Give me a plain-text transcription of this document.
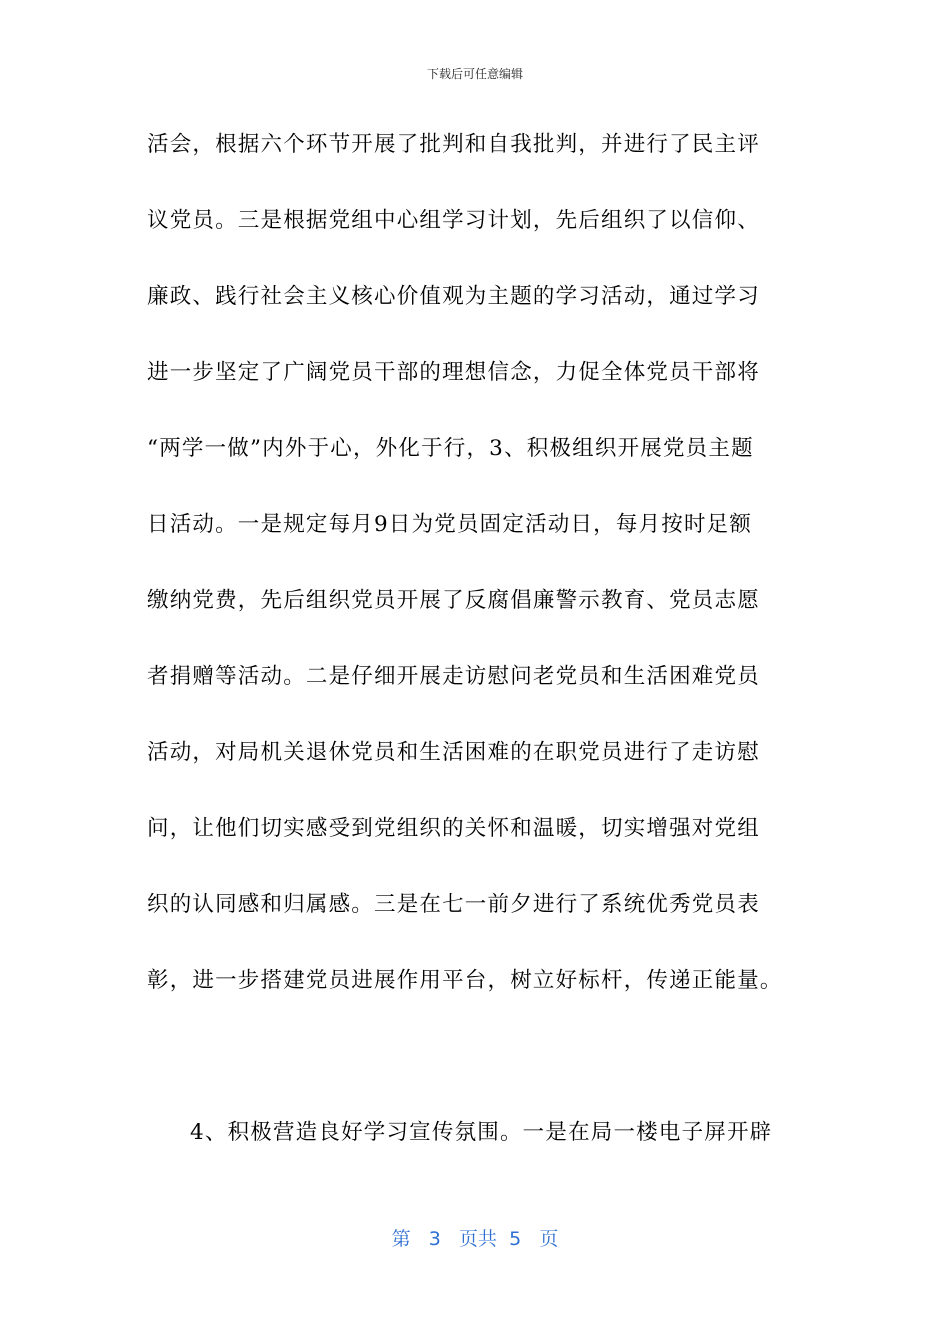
下载后可任意编辑
活会，根据六个环节开展了批判和自我批判，并进行了民主评
议党员。三是根据党组中心组学习计划，先后组织了以信仰、
廉政、践行社会主义核心价值观为主题的学习活动，通过学习
进一步坚定了广阔党员干部的理想信念，力促全体党员干部将
“两学一做”内外于心，外化于行，3、积极组织开展党员主题
日活动。一是规定每月9日为党员固定活动日，每月按时足额
缴纳党费，先后组织党员开展了反腐倡廉警示教育、党员志愿
者捐赠等活动。二是仔细开展走访慰问老党员和生活困难党员
活动，对局机关退休党员和生活困难的在职党员进行了走访慰
问，让他们切实感受到党组织的关怀和温暖，切实增强对党组
织的认同感和归属感。三是在七一前夕进行了系统优秀党员表
彰，进一步搭建党员进展作用平台，树立好标杆，传递正能量。
4、积极营造良好学习宣传氛围。一是在局一楼电子屏开辟
第 3 页共 5 页
